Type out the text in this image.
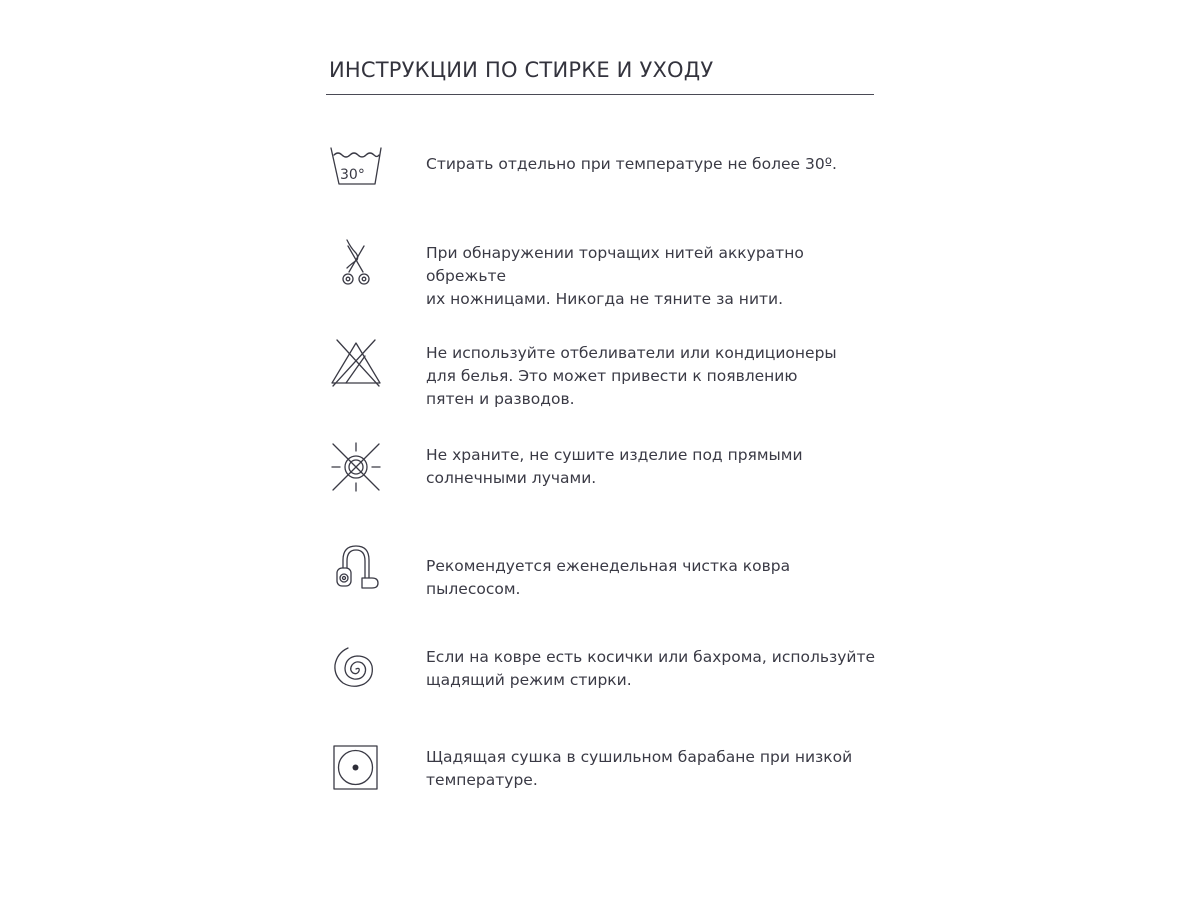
ИНСТРУКЦИИ ПО СТИРКЕ И УХОДУ
30°

Стирать отдельно при температуре не более 30º.

При обнаружении торчащих нитей аккуратно обрежьте
их ножницами. Никогда не тяните за нити.

Не используйте отбеливатели или кондиционеры
для белья. Это может привести к появлению
пятен и разводов.

Не храните, не сушите изделие под прямыми
солнечными лучами.

Рекомендуется еженедельная чистка ковра пылесосом.

Если на ковре есть косички или бахрома, используйте
щадящий режим стирки.

Щадящая сушка в сушильном барабане при низкой
температуре.
